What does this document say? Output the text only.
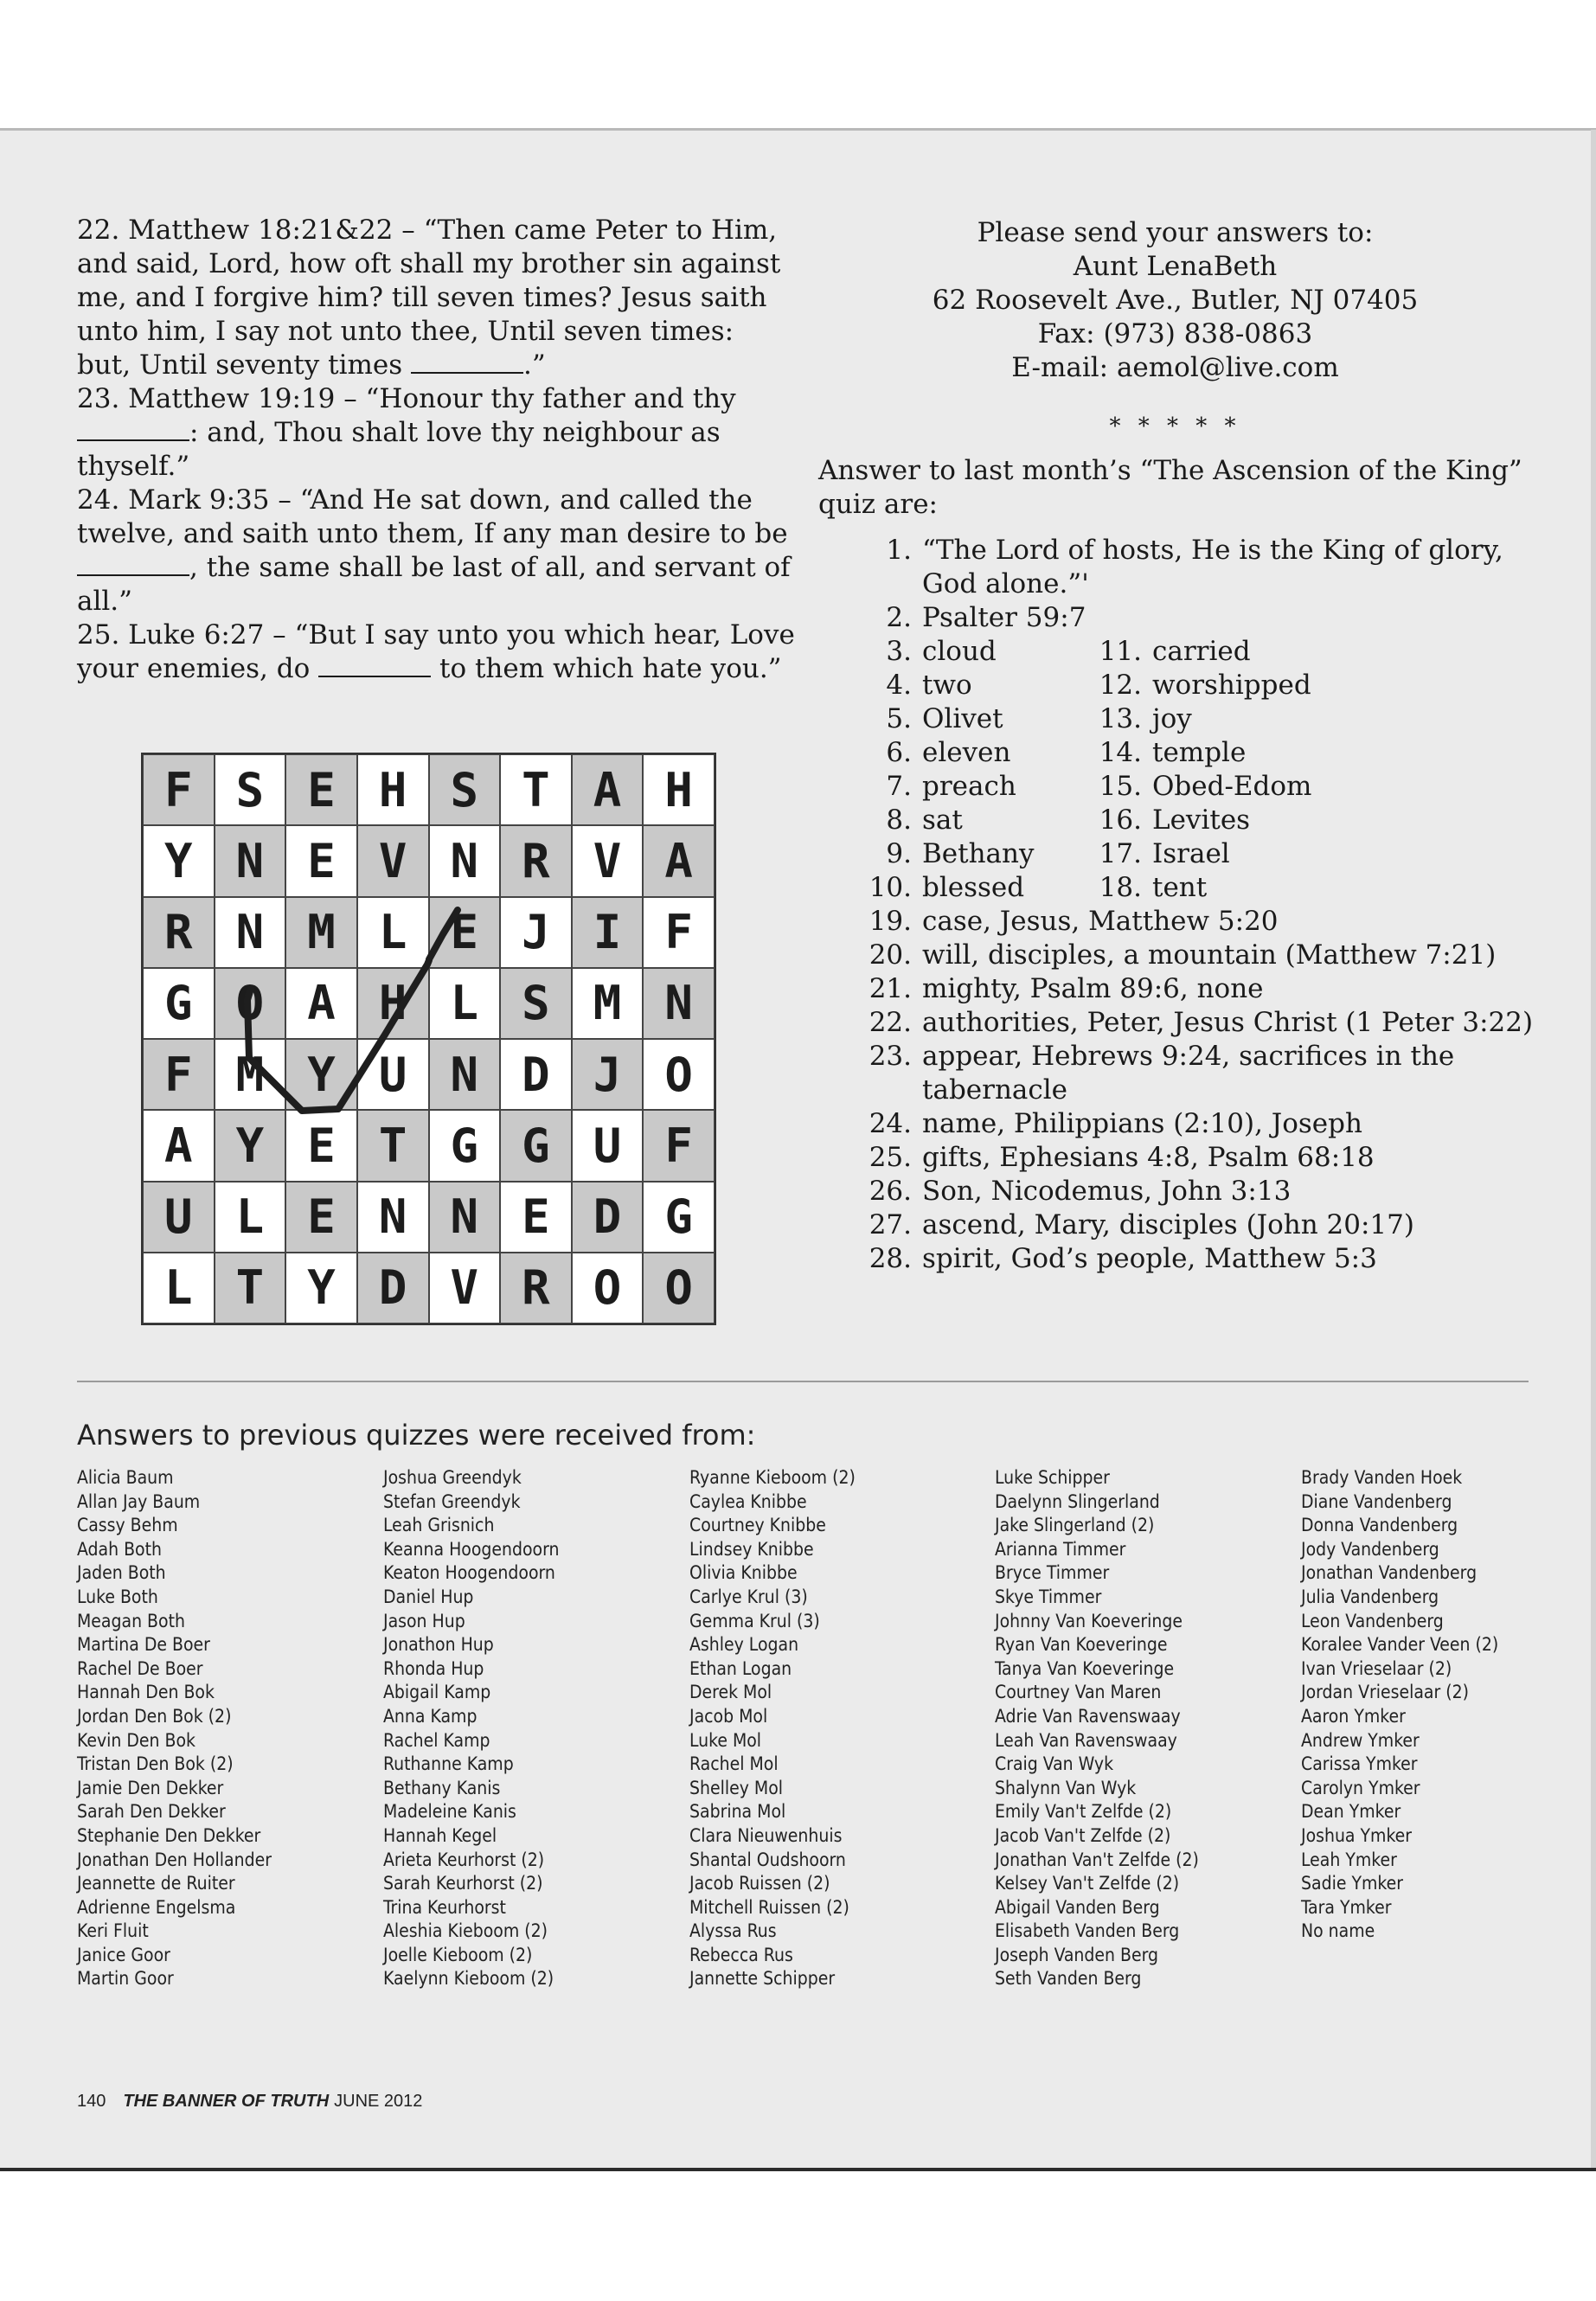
22. Matthew 18:21&22 – “Then came Peter to Him, and said, Lord, how oft shall my brother sin against me, and I forgive him? till seven times? Jesus saith unto him, I say not unto thee, Until seven times: but, Until seventy times	.”

23. Matthew 19:19 – “Honour thy father and thy
: and, Thou shalt love thy neighbour as thyself.”

24. Mark 9:35 – “And He sat down, and called the twelve, and saith unto them, If any man desire to be , the same shall be last of all, and servant of all.”

25. Luke 6:27 – “But I say unto you which hear, Love your enemies, do	to them which hate you.”

Please send your answers to:

Aunt LenaBeth

62 Roosevelt Ave., Butler, NJ 07405

Fax: (973) 838-0863

E-mail: aemol@live.com

* * * * *
Answer to last month’s “The Ascension of the King” quiz are:
1. “The Lord of hosts, He is the King of glory, God alone.”'
2. Psalter 59:7
3. cloud	11. carried
4. two	12. worshipped
5. Olivet	13. joy
6. eleven	14. temple
7. preach	15. Obed-Edom
8. sat	16. Levites
9. Bethany	17. Israel
10. blessed	18. tent
19. case, Jesus, Matthew 5:20
20. will, disciples, a mountain (Matthew 7:21)
21. mighty, Psalm 89:6, none
22. authorities, Peter, Jesus Christ (1 Peter 3:22)
23. appear, Hebrews 9:24, sacrifices in the tabernacle
24. name, Philippians (2:10), Joseph
25. gifts, Ephesians 4:8, Psalm 68:18
26. Son, Nicodemus, John 3:13
27. ascend, Mary, disciples (John 20:17)
28. spirit, God’s people, Matthew 5:3
F S E H S T A H
Y N E V N R V A
R N M L E J I F
G O A H L S M N
F M Y U N D J O
A Y E T G G U F
U L E N N E D G
L T Y D V R O O
Answers to previous quizzes were received from:
Alicia Baum
Allan Jay Baum
Cassy Behm
Adah Both
Jaden Both
Luke Both
Meagan Both
Martina De Boer
Rachel De Boer
Hannah Den Bok
Jordan Den Bok (2)
Kevin Den Bok
Tristan Den Bok (2)
Jamie Den Dekker
Sarah Den Dekker
Stephanie Den Dekker
Jonathan Den Hollander
Jeannette de Ruiter
Adrienne Engelsma
Keri Fluit
Janice Goor
Martin Goor
Joshua Greendyk
Stefan Greendyk
Leah Grisnich
Keanna Hoogendoorn
Keaton Hoogendoorn
Daniel Hup
Jason Hup
Jonathon Hup
Rhonda Hup
Abigail Kamp
Anna Kamp
Rachel Kamp
Ruthanne Kamp
Bethany Kanis
Madeleine Kanis
Hannah Kegel
Arieta Keurhorst (2)
Sarah Keurhorst (2)
Trina Keurhorst
Aleshia Kieboom (2)
Joelle Kieboom (2)
Kaelynn Kieboom (2)
Ryanne Kieboom (2)
Caylea Knibbe
Courtney Knibbe
Lindsey Knibbe
Olivia Knibbe
Carlye Krul (3)
Gemma Krul (3)
Ashley Logan
Ethan Logan
Derek Mol
Jacob Mol
Luke Mol
Rachel Mol
Shelley Mol
Sabrina Mol
Clara Nieuwenhuis
Shantal Oudshoorn
Jacob Ruissen (2)
Mitchell Ruissen (2)
Alyssa Rus
Rebecca Rus
Jannette Schipper
Luke Schipper
Daelynn Slingerland
Jake Slingerland (2)
Arianna Timmer
Bryce Timmer
Skye Timmer
Johnny Van Koeveringe
Ryan Van Koeveringe
Tanya Van Koeveringe
Courtney Van Maren
Adrie Van Ravenswaay
Leah Van Ravenswaay
Craig Van Wyk
Shalynn Van Wyk
Emily Van't Zelfde (2)
Jacob Van't Zelfde (2)
Jonathan Van't Zelfde (2)
Kelsey Van't Zelfde (2)
Abigail Vanden Berg
Elisabeth Vanden Berg
Joseph Vanden Berg
Seth Vanden Berg
Brady Vanden Hoek
Diane Vandenberg
Donna Vandenberg
Jody Vandenberg
Jonathan Vandenberg
Julia Vandenberg
Leon Vandenberg
Koralee Vander Veen (2)
Ivan Vrieselaar (2)
Jordan Vrieselaar (2)
Aaron Ymker
Andrew Ymker
Carissa Ymker
Carolyn Ymker
Dean Ymker
Joshua Ymker
Leah Ymker
Sadie Ymker
Tara Ymker
No name
140 THE BANNER OF TRUTH JUNE 2012
